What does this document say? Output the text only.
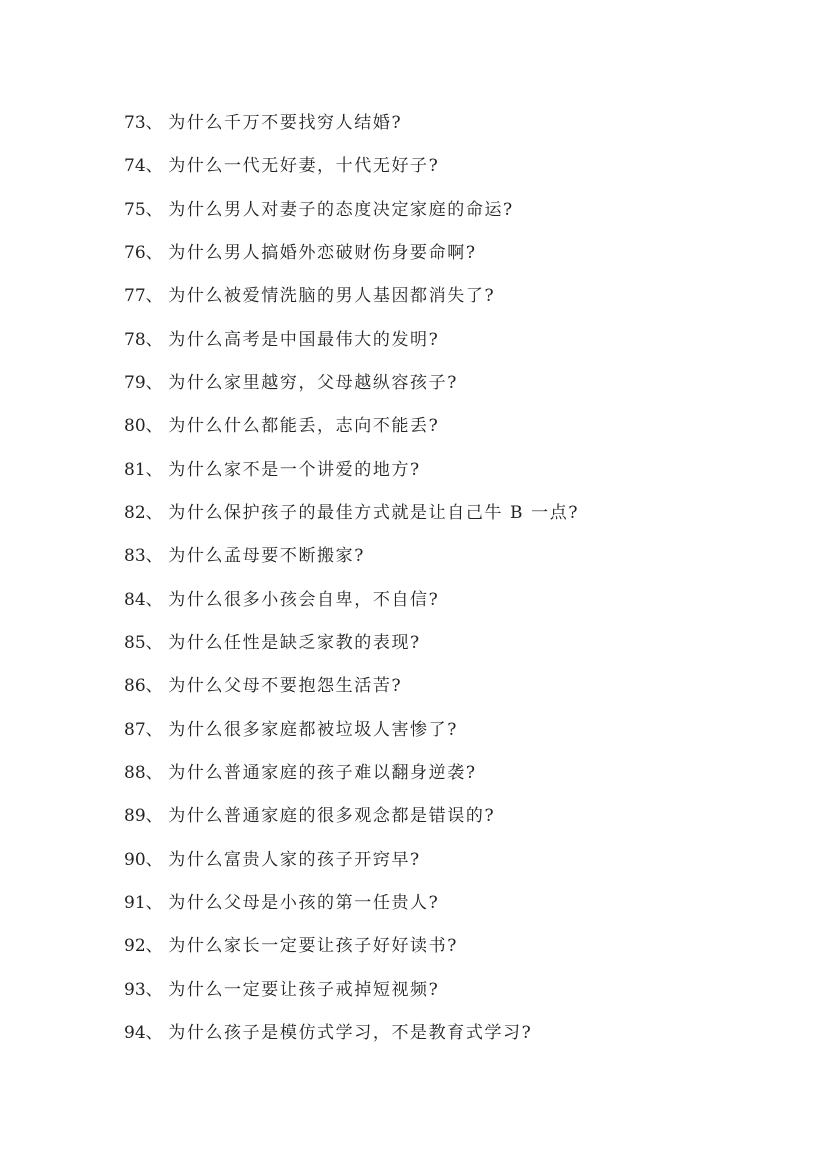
73、 为什么千万不要找穷人结婚?
74、 为什么一代无好妻，十代无好子?
75、 为什么男人对妻子的态度决定家庭的命运?
76、 为什么男人搞婚外恋破财伤身要命啊?
77、 为什么被爱情洗脑的男人基因都消失了?
78、 为什么高考是中国最伟大的发明?
79、 为什么家里越穷，父母越纵容孩子?
80、 为什么什么都能丢，志向不能丢?
81、 为什么家不是一个讲爱的地方?
82、 为什么保护孩子的最佳方式就是让自己牛 B 一点?
83、 为什么孟母要不断搬家?
84、 为什么很多小孩会自卑，不自信?
85、 为什么任性是缺乏家教的表现?
86、 为什么父母不要抱怨生活苦?
87、 为什么很多家庭都被垃圾人害惨了?
88、 为什么普通家庭的孩子难以翻身逆袭?
89、 为什么普通家庭的很多观念都是错误的?
90、 为什么富贵人家的孩子开窍早?
91、 为什么父母是小孩的第一任贵人?
92、 为什么家长一定要让孩子好好读书?
93、 为什么一定要让孩子戒掉短视频?
94、 为什么孩子是模仿式学习，不是教育式学习?
